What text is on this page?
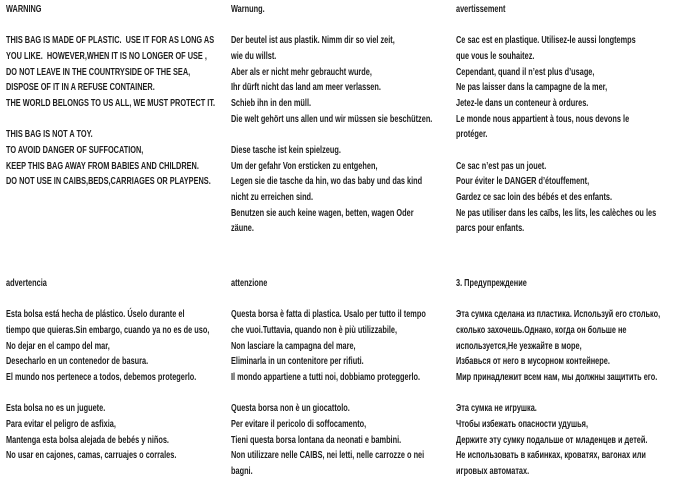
WARNING
THIS BAG IS MADE OF PLASTIC.  USE IT FOR AS LONG AS
YOU LIKE.  HOWEVER,WHEN IT IS NO LONGER OF USE ,
DO NOT LEAVE IN THE COUNTRYSIDE OF THE SEA,
DISPOSE OF IT IN A REFUSE CONTAINER.
THE WORLD BELONGS TO US ALL, WE MUST PROTECT IT.
THIS BAG IS NOT A TOY.
TO AVOID DANGER OF SUFFOCATION,
KEEP THIS BAG AWAY FROM BABIES AND CHILDREN.
DO NOT USE IN CAIBS,BEDS,CARRIAGES OR PLAYPENS.
Warnung.
Der beutel ist aus plastik. Nimm dir so viel zeit,
wie du willst.
Aber als er nicht mehr gebraucht wurde,
Ihr dürft nicht das land am meer verlassen.
Schieb ihn in den müll.
Die welt gehört uns allen und wir müssen sie beschützen.
Diese tasche ist kein spielzeug.
Um der gefahr Von ersticken zu entgehen,
Legen sie die tasche da hin, wo das baby und das kind
nicht zu erreichen sind.
Benutzen sie auch keine wagen, betten, wagen Oder
zäune.
avertissement
Ce sac est en plastique. Utilisez-le aussi longtemps
que vous le souhaitez.
Cependant, quand il n’est plus d’usage,
Ne pas laisser dans la campagne de la mer,
Jetez-le dans un conteneur à ordures.
Le monde nous appartient à tous, nous devons le
protéger.
Ce sac n’est pas un jouet.
Pour éviter le DANGER d’étouffement,
Gardez ce sac loin des bébés et des enfants.
Ne pas utiliser dans les caïbs, les lits, les calèches ou les
parcs pour enfants.
advertencia
Esta bolsa está hecha de plástico. Úselo durante el
tiempo que quieras.Sin embargo, cuando ya no es de uso,
No dejar en el campo del mar,
Desecharlo en un contenedor de basura.
El mundo nos pertenece a todos, debemos protegerlo.
Esta bolsa no es un juguete.
Para evitar el peligro de asfixia,
Mantenga esta bolsa alejada de bebés y niños.
No usar en cajones, camas, carruajes o corrales.
attenzione
Questa borsa è fatta di plastica. Usalo per tutto il tempo
che vuoi.Tuttavia, quando non è più utilizzabile,
Non lasciare la campagna del mare,
Eliminarla in un contenitore per rifiuti.
Il mondo appartiene a tutti noi, dobbiamo proteggerlo.
Questa borsa non è un giocattolo.
Per evitare il pericolo di soffocamento,
Tieni questa borsa lontana da neonati e bambini.
Non utilizzare nelle CAIBS, nei letti, nelle carrozze o nei
bagni.
3. Предупреждение
Эта сумка сделана из пластика. Используй его столько,
сколько захочешь.Однако, когда он больше не
используется,Не уезжайте в море,
Избавься от него в мусорном контейнере.
Мир принадлежит всем нам, мы должны защитить его.
Эта сумка не игрушка.
Чтобы избежать опасности удушья,
Держите эту сумку подальше от младенцев и детей.
Не использовать в кабинках, кроватях, вагонах или
игровых автоматах.
